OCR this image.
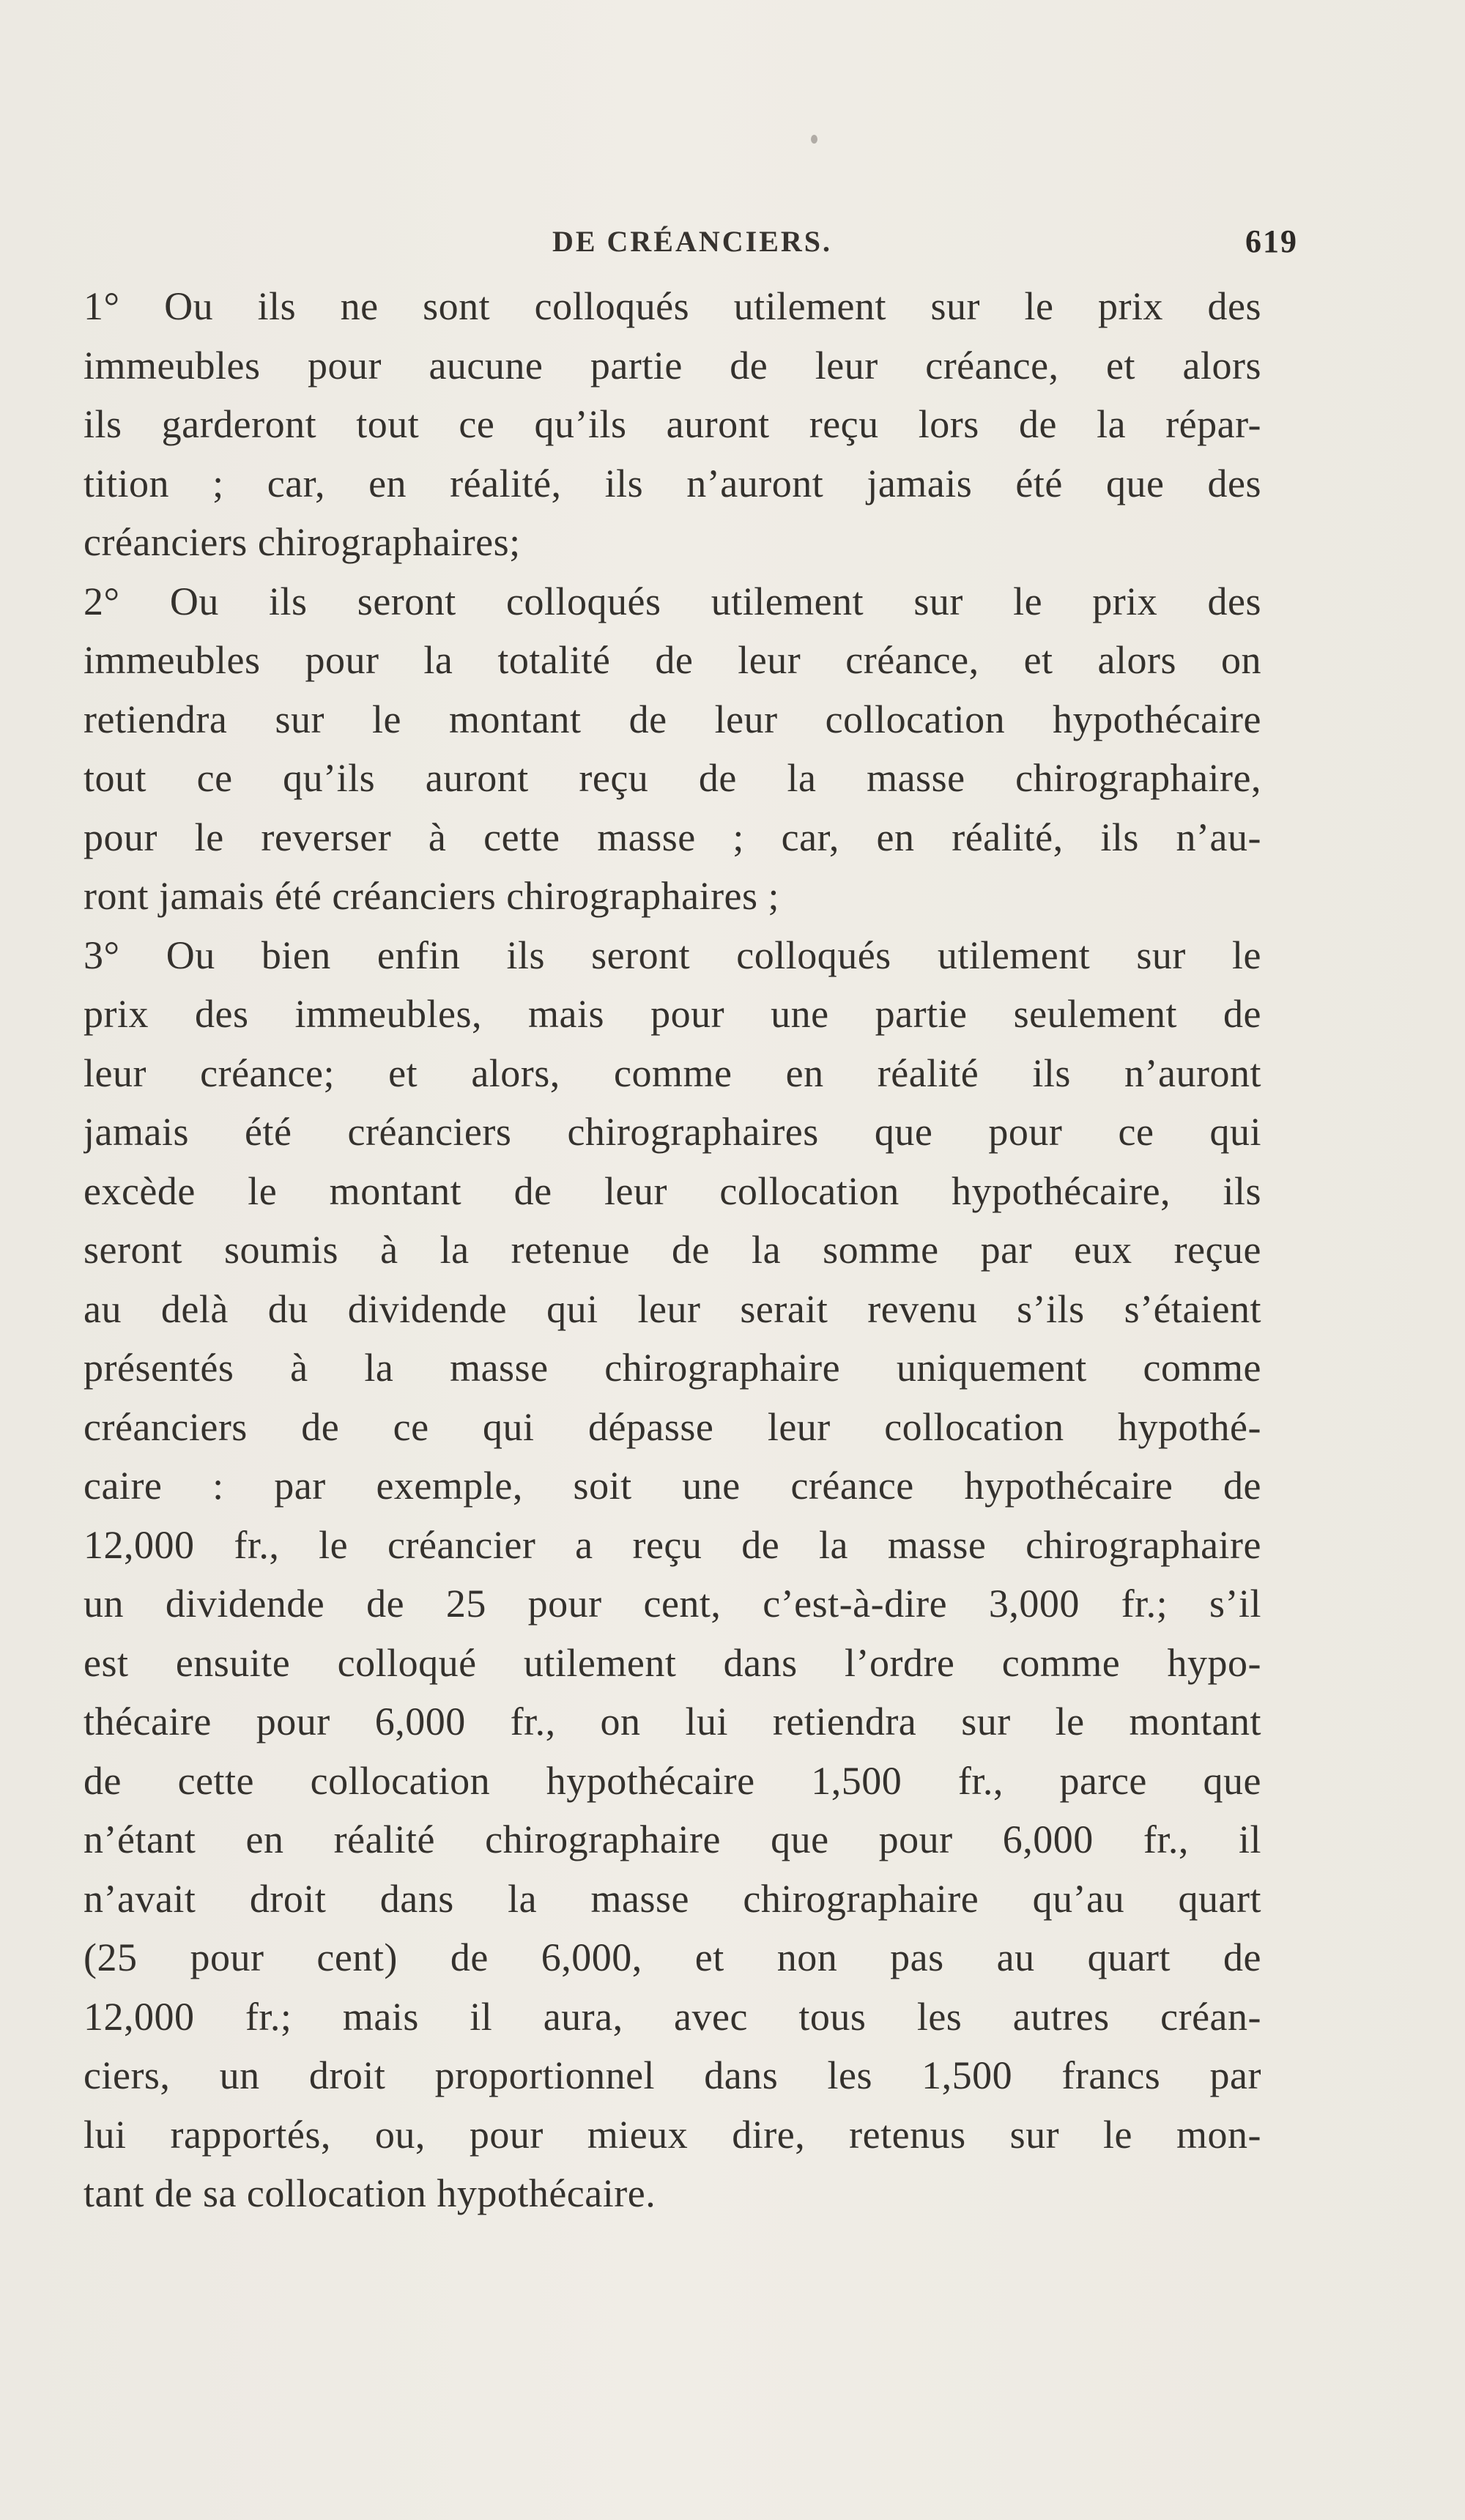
DE CRÉANCIERS.	619
1° Ou ils ne sont colloqués utilement sur le prix des
immeubles pour aucune partie de leur créance, et alors
ils garderont tout ce qu’ils auront reçu lors de la répar-
tition ; car, en réalité, ils n’auront jamais été que des
créanciers chirographaires;
2° Ou ils seront colloqués utilement sur le prix des
immeubles pour la totalité de leur créance, et alors on
retiendra sur le montant de leur collocation hypothécaire
tout ce qu’ils auront reçu de la masse chirographaire,
pour le reverser à cette masse ; car, en réalité, ils n’au-
ront jamais été créanciers chirographaires ;
3° Ou bien enfin ils seront colloqués utilement sur le
prix des immeubles, mais pour une partie seulement de
leur créance; et alors, comme en réalité ils n’auront
jamais été créanciers chirographaires que pour ce qui
excède le montant de leur collocation hypothécaire, ils
seront soumis à la retenue de la somme par eux reçue
au delà du dividende qui leur serait revenu s’ils s’étaient
présentés à la masse chirographaire uniquement comme
créanciers de ce qui dépasse leur collocation hypothé-
caire : par exemple, soit une créance hypothécaire de
12,000 fr., le créancier a reçu de la masse chirographaire
un dividende de 25 pour cent, c’est-à-dire 3,000 fr.; s’il
est ensuite colloqué utilement dans l’ordre comme hypo-
thécaire pour 6,000 fr., on lui retiendra sur le montant
de cette collocation hypothécaire 1,500 fr., parce que
n’étant en réalité chirographaire que pour 6,000 fr., il
n’avait droit dans la masse chirographaire qu’au quart
(25 pour cent) de 6,000, et non pas au quart de
12,000 fr.; mais il aura, avec tous les autres créan-
ciers, un droit proportionnel dans les 1,500 francs par
lui rapportés, ou, pour mieux dire, retenus sur le mon-
tant de sa collocation hypothécaire.
